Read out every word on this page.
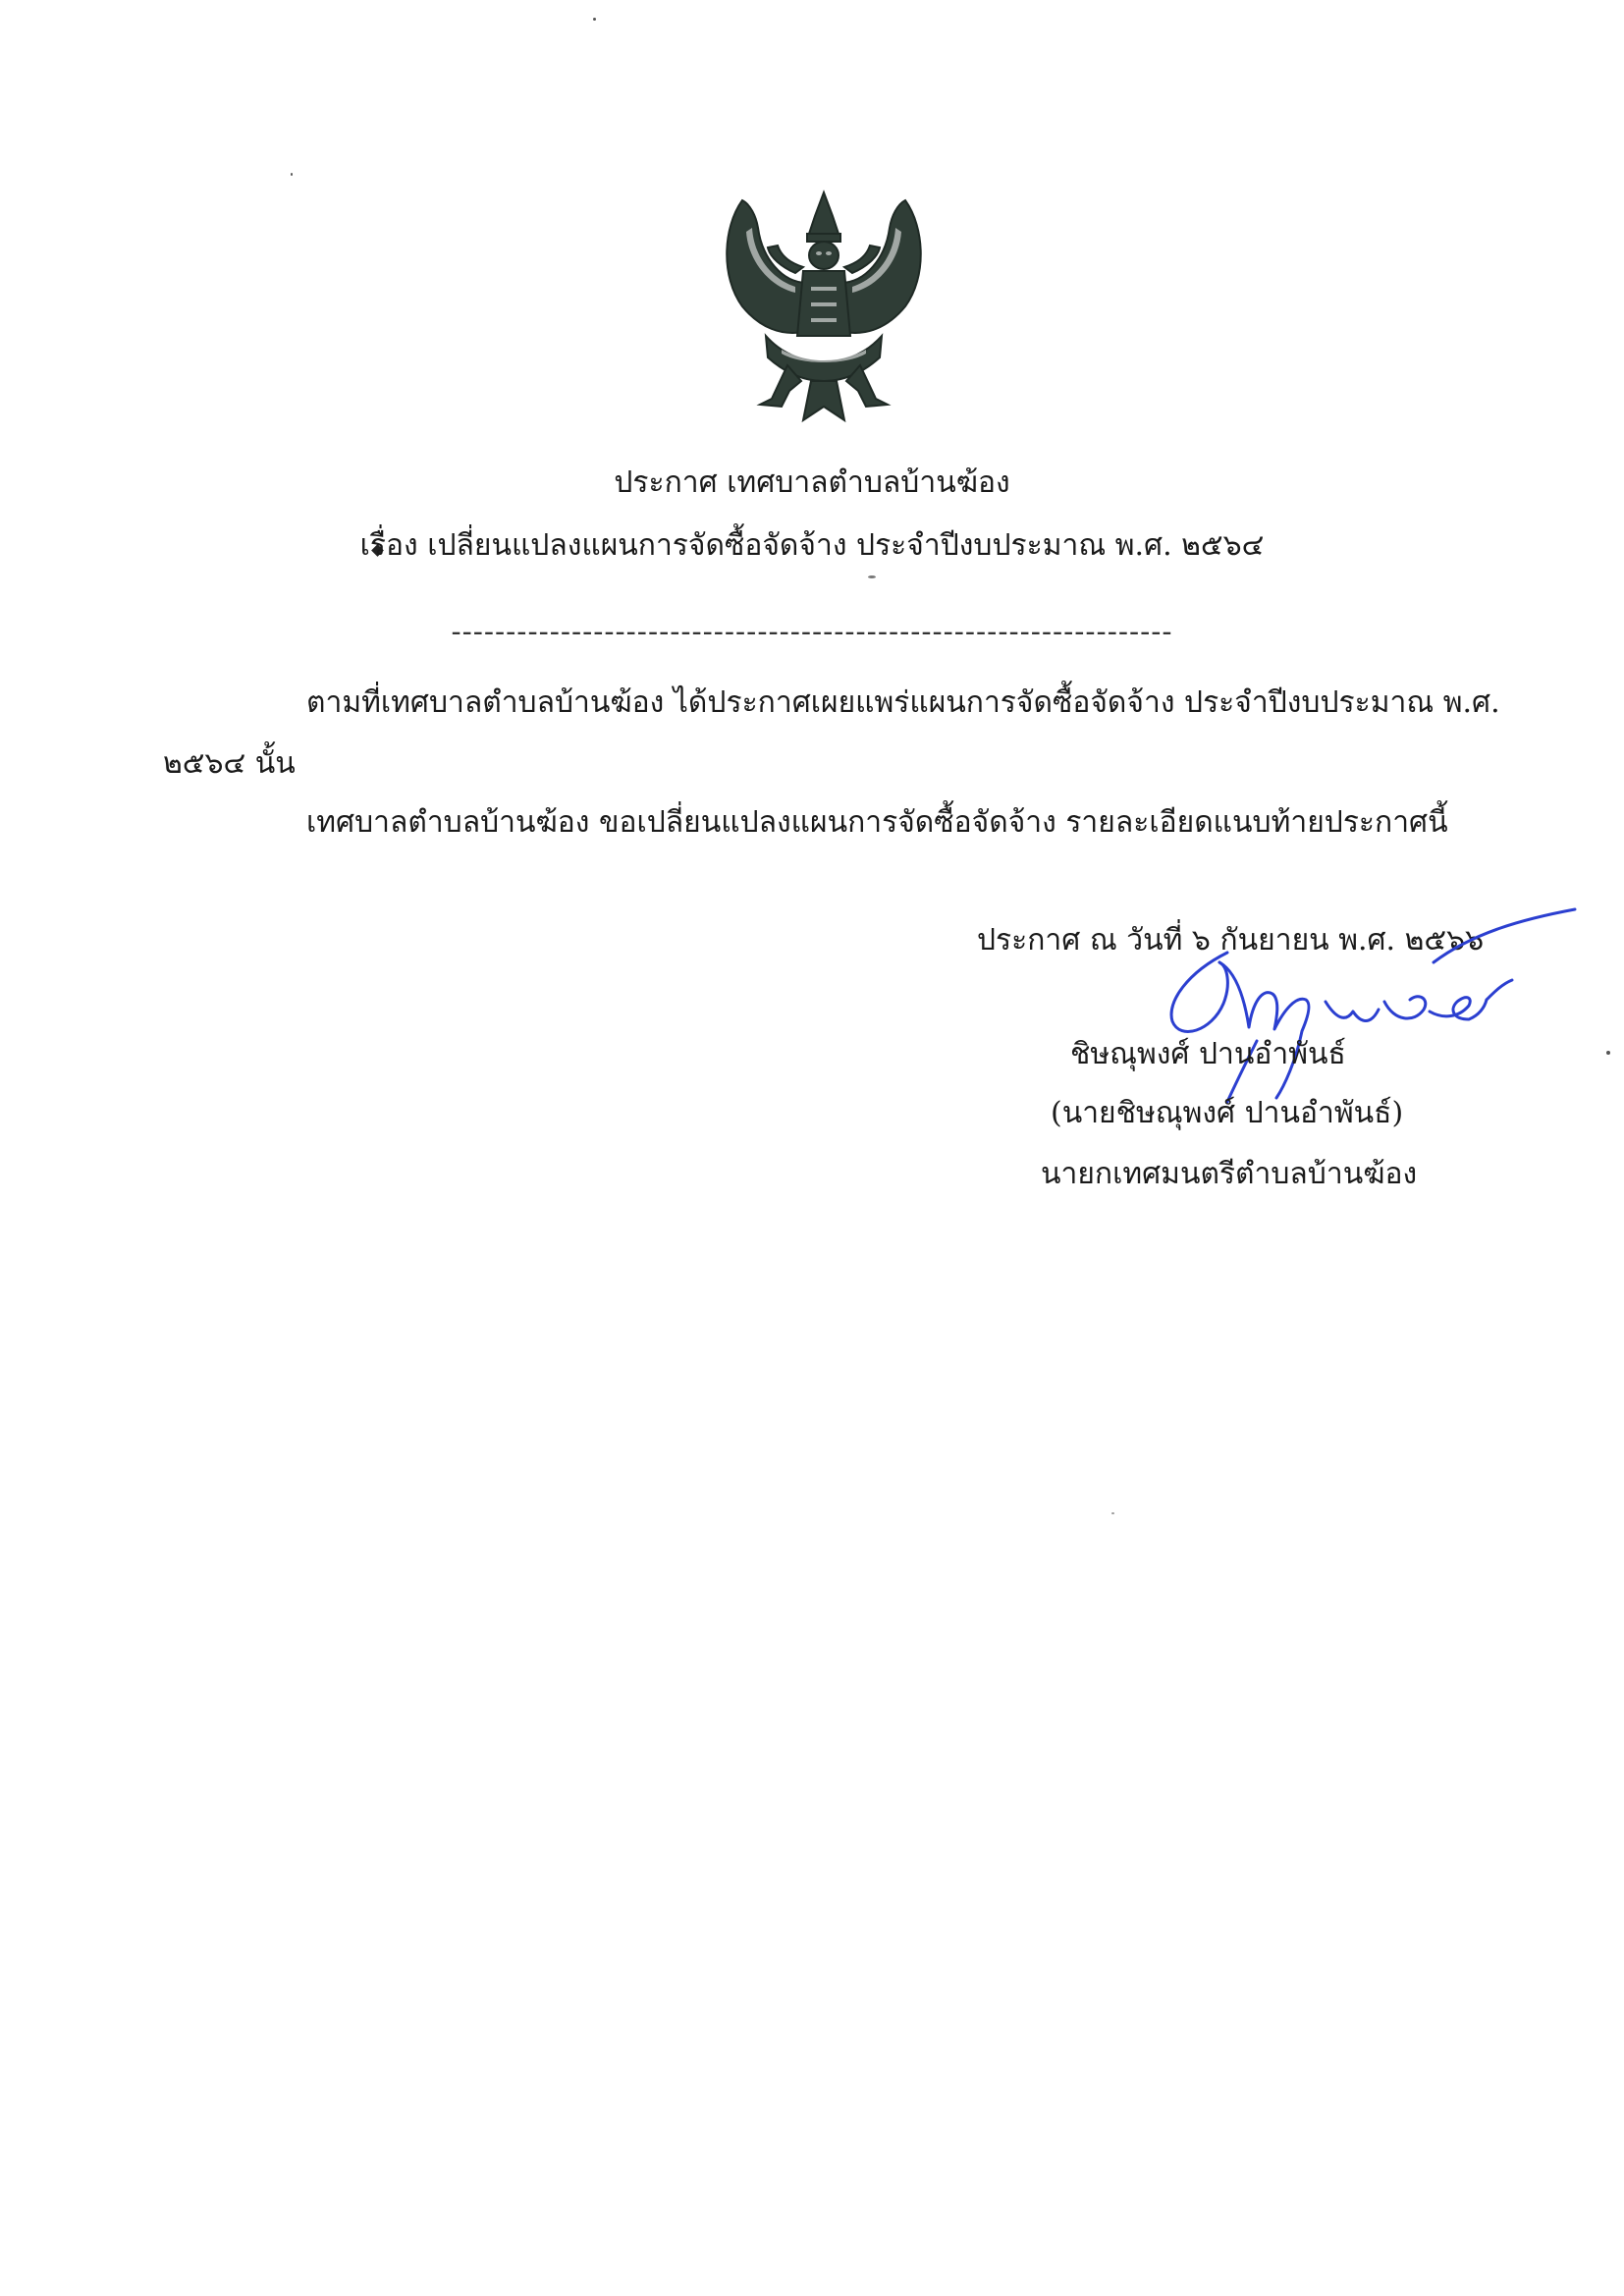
ประกาศ เทศบาลตำบลบ้านฆ้อง
เรื่อง เปลี่ยนแปลงแผนการจัดซื้อจัดจ้าง ประจำปีงบประมาณ พ.ศ. ๒๕๖๔
------------------------------------------------------------------
ตามที่เทศบาลตำบลบ้านฆ้อง ได้ประกาศเผยแพร่แผนการจัดซื้อจัดจ้าง ประจำปีงบประมาณ พ.ศ.
๒๕๖๔ นั้น
เทศบาลตำบลบ้านฆ้อง ขอเปลี่ยนแปลงแผนการจัดซื้อจัดจ้าง รายละเอียดแนบท้ายประกาศนี้
ประกาศ ณ วันที่ ๖ กันยายน พ.ศ. ๒๕๖๖
ชิษณุพงศ์ ปานอำพันธ์
(นายชิษณุพงศ์ ปานอำพันธ์)
นายกเทศมนตรีตำบลบ้านฆ้อง
